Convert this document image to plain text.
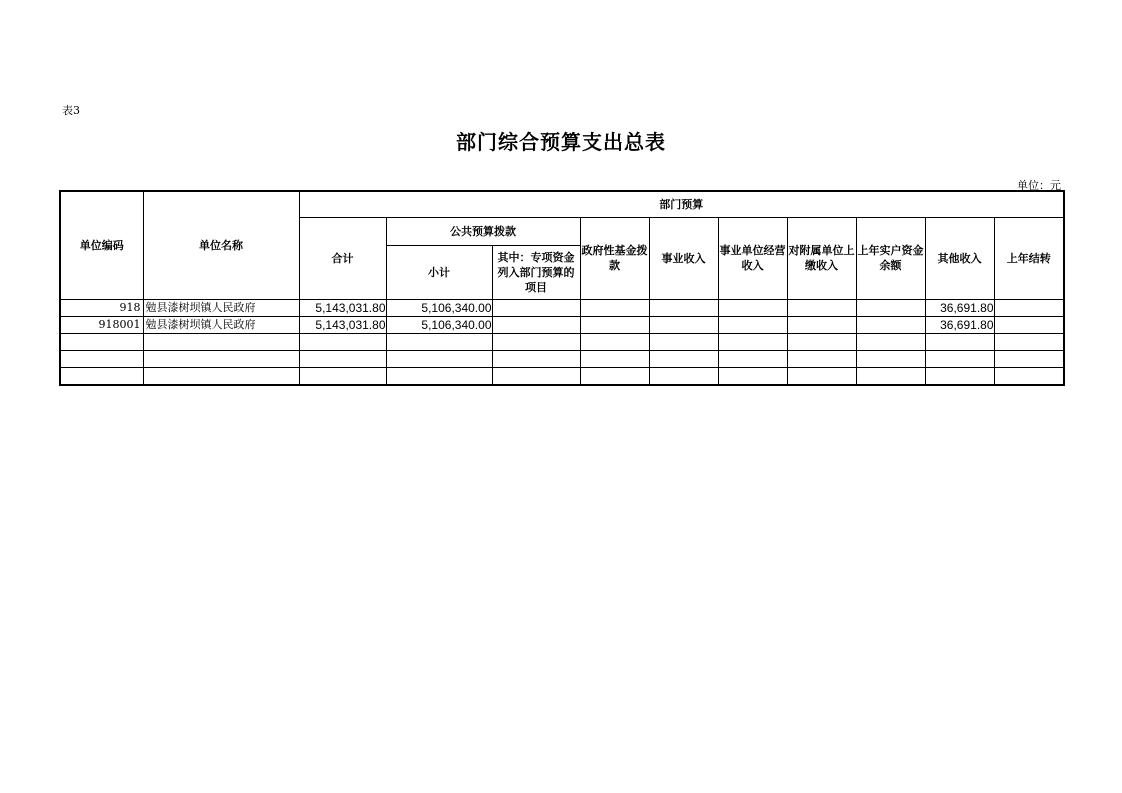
表3
部门综合预算支出总表
单位：元
单位编码	单位名称	部门预算									
		合计	公共预算拨款		政府性基金拨款	事业收入	事业单位经营收入	对附属单位上缴收入	上年实户资金余额	其他收入	上年结转
			小计	其中：专项资金列入部门预算的项目							
918	勉县漆树坝镇人民政府	5,143,031.80	5,106,340.00							36,691.80	
918001	勉县漆树坝镇人民政府	5,143,031.80	5,106,340.00							36,691.80	
